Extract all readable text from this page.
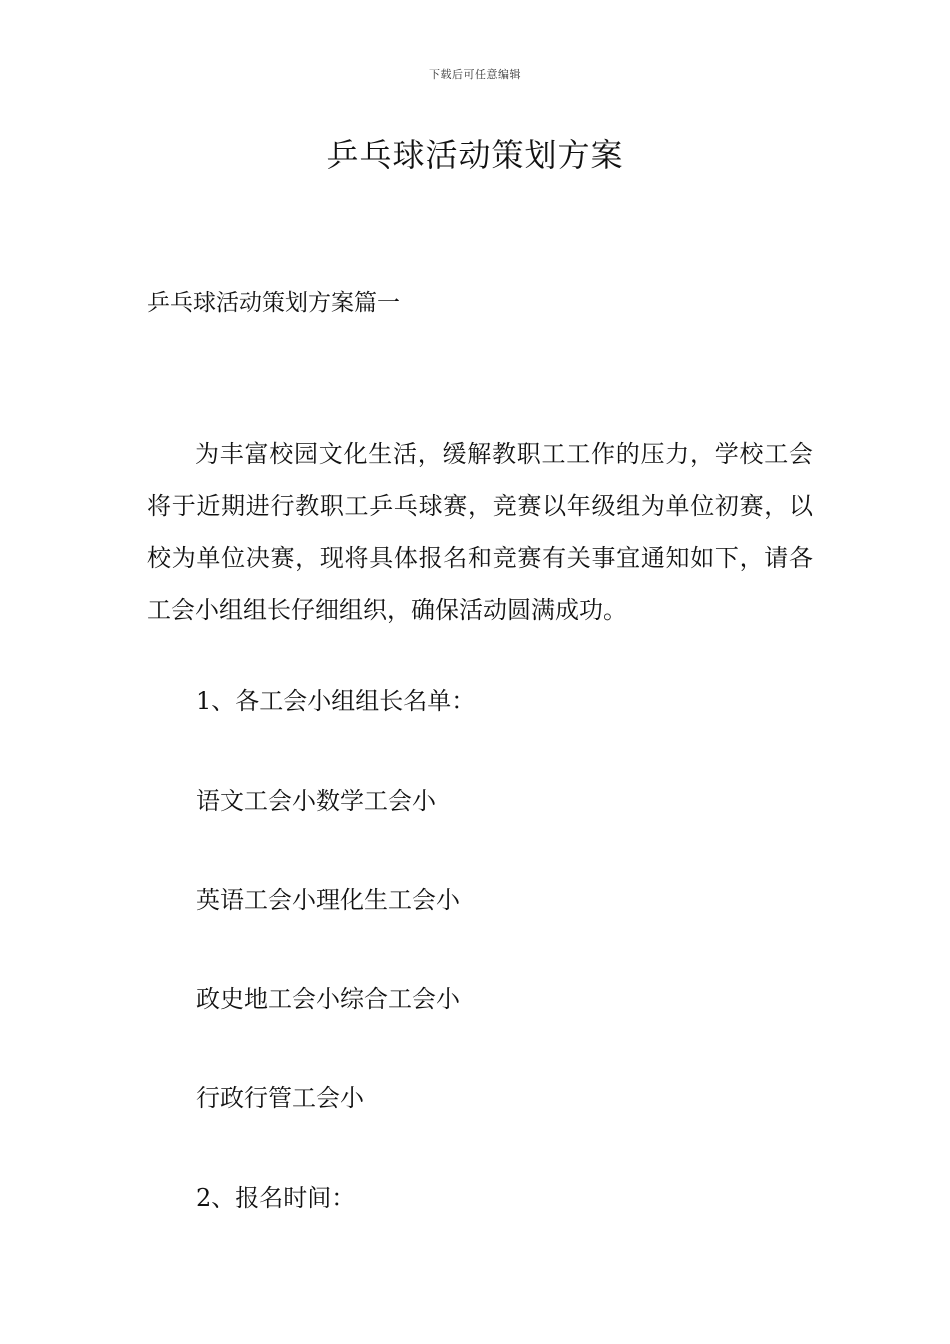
下载后可任意编辑
乒乓球活动策划方案
乒乓球活动策划方案篇一

为丰富校园文化生活，缓解教职工工作的压力，学校工会将于近期进行教职工乒乓球赛，竞赛以年级组为单位初赛，以校为单位决赛，现将具体报名和竞赛有关事宜通知如下，请各工会小组组长仔细组织，确保活动圆满成功。

1、各工会小组组长名单：

语文工会小数学工会小

英语工会小理化生工会小

政史地工会小综合工会小

行政行管工会小

2、报名时间：
